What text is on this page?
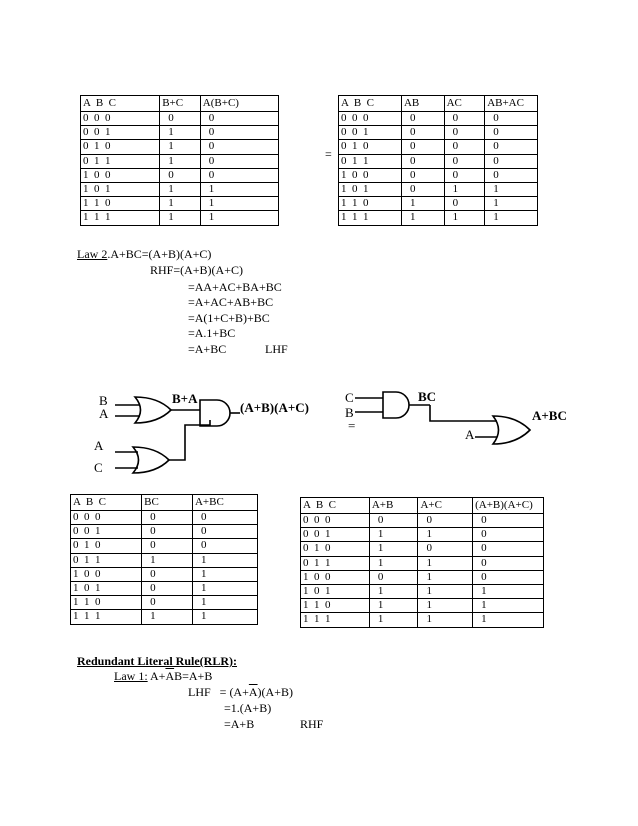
A  B  C	B+C	A(B+C)
0  0  0	0	0
0  0  1	1	0
0  1  0	1	0
0  1  1	1	0
1  0  0	0	0
1  0  1	1	1
1  1  0	1	1
1  1  1	1	1
=
A  B  C	AB	AC	AB+AC
0  0  0	0	0	0
0  0  1	0	0	0
0  1  0	0	0	0
0  1  1	0	0	0
1  0  0	0	0	0
1  0  1	0	1	1
1  1  0	1	0	1
1  1  1	1	1	1
Law 2.A+BC=(A+B)(A+C)
RHF=(A+B)(A+C)
=AA+AC+BA+BC
=A+AC+AB+BC
=A(1+C+B)+BC
=A.1+BC
=A+BC	LHF
B
A
A
C
B+A
(A+B)(A+C)
=
C
B
A
BC
A+BC
A  B  C	BC	A+BC
0  0  0	0	0
0  0  1	0	0
0  1  0	0	0
0  1  1	1	1
1  0  0	0	1
1  0  1	0	1
1  1  0	0	1
1  1  1	1	1
A  B  C	A+B	A+C	(A+B)(A+C)
0  0  0	0	0	0
0  0  1	1	1	0
0  1  0	1	0	0
0  1  1	1	1	0
1  0  0	0	1	0
1  0  1	1	1	1
1  1  0	1	1	1
1  1  1	1	1	1
Redundant Literal Rule(RLR):
Law 1: $A+\overline{A}B=A+B$
LHF   = $(A+\overline{A})(A+B)$
=1.(A+B)
=A+B	RHF
